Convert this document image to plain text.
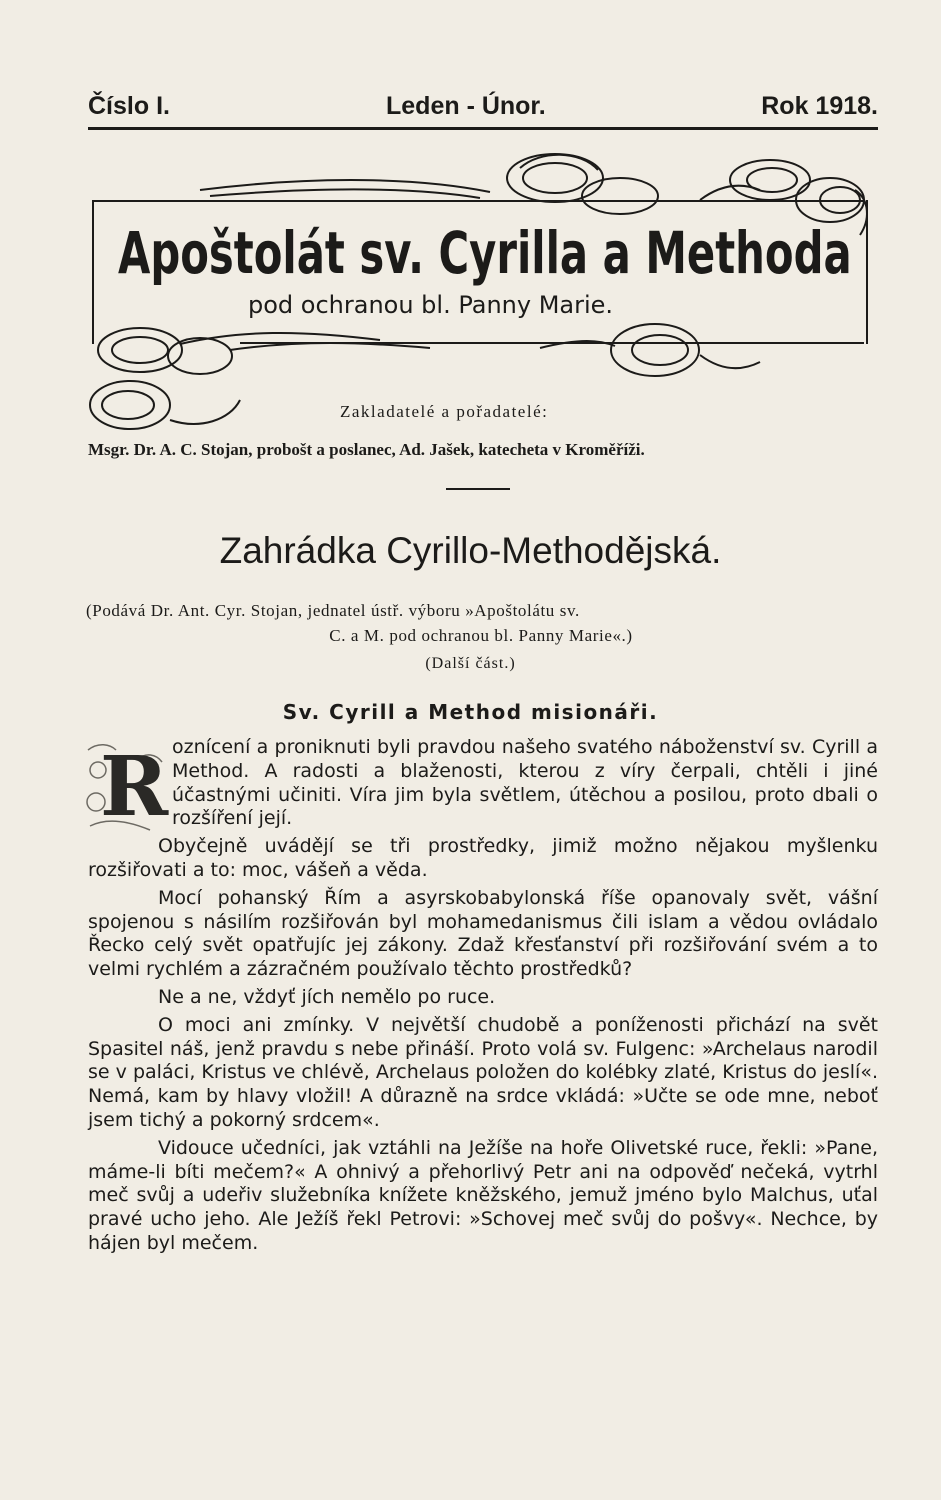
Číslo I.	Leden - Únor.	Rok 1918.
Apoštolát sv. Cyrilla a Methoda
pod ochranou bl. Panny Marie.
Zakladatelé a pořadatelé:
Msgr. Dr. A. C. Stojan, probošt a poslanec, Ad. Jašek, katecheta v Kroměříži.
Zahrádka Cyrillo-Methodějská.
(Podává Dr. Ant. Cyr. Stojan, jednatel ústř. výboru »Apoštolátu sv.
C. a M. pod ochranou bl. Panny Marie«.)
(Další část.)
Sv. Cyrill a Method misionáři.

R oznícení a proniknuti byli pravdou našeho svatého náboženství sv. Cyrill a Method. A radosti a blaženosti, kterou z víry čerpali, chtěli i jiné účastnými učiniti. Víra jim byla světlem, útěchou a posilou, proto dbali o rozšíření její.

Obyčejně uvádějí se tři prostředky, jimiž možno nějakou myšlenku rozšiřovati a to: moc, vášeň a věda.

Mocí pohanský Řím a asyrskobabylonská říše opanovaly svět, vášní spojenou s násilím rozšiřován byl mohamedanismus čili islam a vědou ovládalo Řecko celý svět opatřujíc jej zákony. Zdaž křesťanství při rozšiřování svém a to velmi rychlém a zázračném používalo těchto prostředků?

Ne a ne, vždyť jích nemělo po ruce.

O moci ani zmínky. V největší chudobě a poníženosti přichází na svět Spasitel náš, jenž pravdu s nebe přináší. Proto volá sv. Fulgenc: »Archelaus narodil se v paláci, Kristus ve chlévě, Archelaus položen do kolébky zlaté, Kristus do jeslí«. Nemá, kam by hlavy vložil! A důrazně na srdce vkládá: »Učte se ode mne, neboť jsem tichý a pokorný srdcem«.

Vidouce učedníci, jak vztáhli na Ježíše na hoře Olivetské ruce, řekli: »Pane, máme-li bíti mečem?« A ohnivý a přehorlivý Petr ani na odpověď nečeká, vytrhl meč svůj a udeřiv služebníka knížete kněžského, jemuž jméno bylo Malchus, uťal pravé ucho jeho. Ale Ježíš řekl Petrovi: »Schovej meč svůj do pošvy«. Nechce, by hájen byl mečem.
